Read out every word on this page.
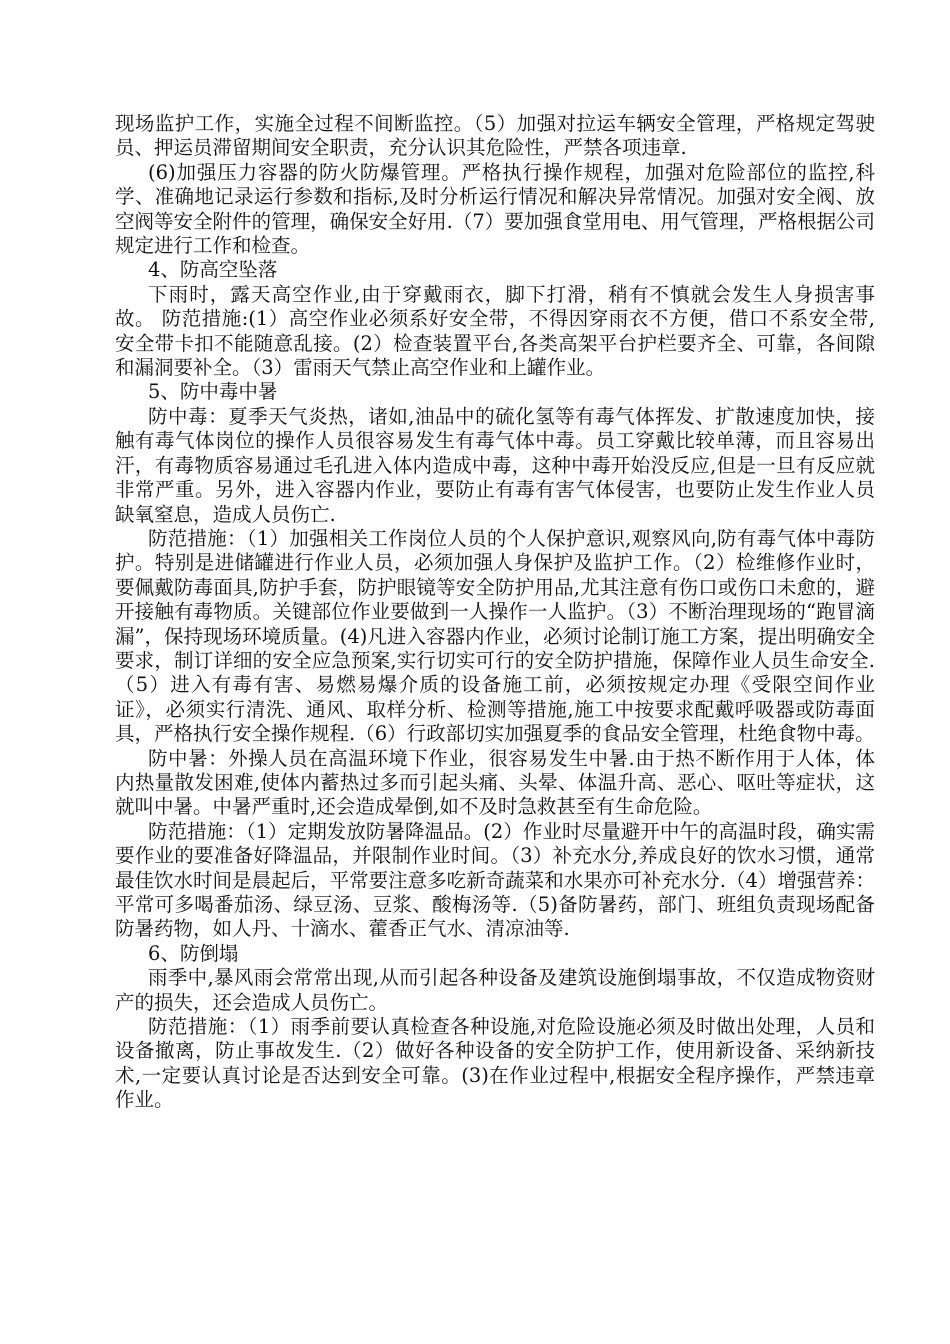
现场监护工作，实施全过程不间断监控。（5）加强对拉运车辆安全管理，严格规定驾驶员、押运员滞留期间安全职责，充分认识其危险性，严禁各项违章.

(6)加强压力容器的防火防爆管理。严格执行操作规程，加强对危险部位的监控,科学、准确地记录运行参数和指标,及时分析运行情况和解决异常情况。加强对安全阀、放空阀等安全附件的管理，确保安全好用.（7）要加强食堂用电、用气管理，严格根据公司规定进行工作和检查。

4、防高空坠落

下雨时，露天高空作业,由于穿戴雨衣，脚下打滑，稍有不慎就会发生人身损害事故。 防范措施:(1）高空作业必须系好安全带，不得因穿雨衣不方便，借口不系安全带,安全带卡扣不能随意乱接。(2）检查装置平台,各类高架平台护栏要齐全、可靠，各间隙和漏洞要补全。（3）雷雨天气禁止高空作业和上罐作业。

5、防中毒中暑

防中毒：夏季天气炎热，诸如,油品中的硫化氢等有毒气体挥发、扩散速度加快，接触有毒气体岗位的操作人员很容易发生有毒气体中毒。员工穿戴比较单薄，而且容易出汗，有毒物质容易通过毛孔进入体内造成中毒，这种中毒开始没反应,但是一旦有反应就非常严重。另外，进入容器内作业，要防止有毒有害气体侵害，也要防止发生作业人员缺氧窒息，造成人员伤亡.

防范措施：（1）加强相关工作岗位人员的个人保护意识,观察风向,防有毒气体中毒防护。特别是进储罐进行作业人员，必须加强人身保护及监护工作。（2）检维修作业时，要佩戴防毒面具,防护手套，防护眼镜等安全防护用品,尤其注意有伤口或伤口未愈的，避开接触有毒物质。关键部位作业要做到一人操作一人监护。（3）不断治理现场的“跑冒滴漏”，保持现场环境质量。(4)凡进入容器内作业，必须讨论制订施工方案，提出明确安全要求，制订详细的安全应急预案,实行切实可行的安全防护措施，保障作业人员生命安全.（5）进入有毒有害、易燃易爆介质的设备施工前，必须按规定办理《受限空间作业证》，必须实行清洗、通风、取样分析、检测等措施,施工中按要求配戴呼吸器或防毒面具，严格执行安全操作规程.（6）行政部切实加强夏季的食品安全管理，杜绝食物中毒。

防中暑：外操人员在高温环境下作业，很容易发生中暑.由于热不断作用于人体，体内热量散发困难,使体内蓄热过多而引起头痛、头晕、体温升高、恶心、呕吐等症状，这就叫中暑。中暑严重时,还会造成晕倒,如不及时急救甚至有生命危险。

防范措施：（1）定期发放防暑降温品。(2）作业时尽量避开中午的高温时段，确实需要作业的要准备好降温品，并限制作业时间。（3）补充水分,养成良好的饮水习惯，通常最佳饮水时间是晨起后，平常要注意多吃新奇蔬菜和水果亦可补充水分.（4）增强营养：平常可多喝番茄汤、绿豆汤、豆浆、酸梅汤等.（5)备防暑药，部门、班组负责现场配备防暑药物，如人丹、十滴水、藿香正气水、清凉油等.

6、防倒塌

雨季中,暴风雨会常常出现,从而引起各种设备及建筑设施倒塌事故，不仅造成物资财产的损失，还会造成人员伤亡。

防范措施：（1）雨季前要认真检查各种设施,对危险设施必须及时做出处理，人员和设备撤离，防止事故发生.（2）做好各种设备的安全防护工作，使用新设备、采纳新技术,一定要认真讨论是否达到安全可靠。(3)在作业过程中,根据安全程序操作，严禁违章作业。
